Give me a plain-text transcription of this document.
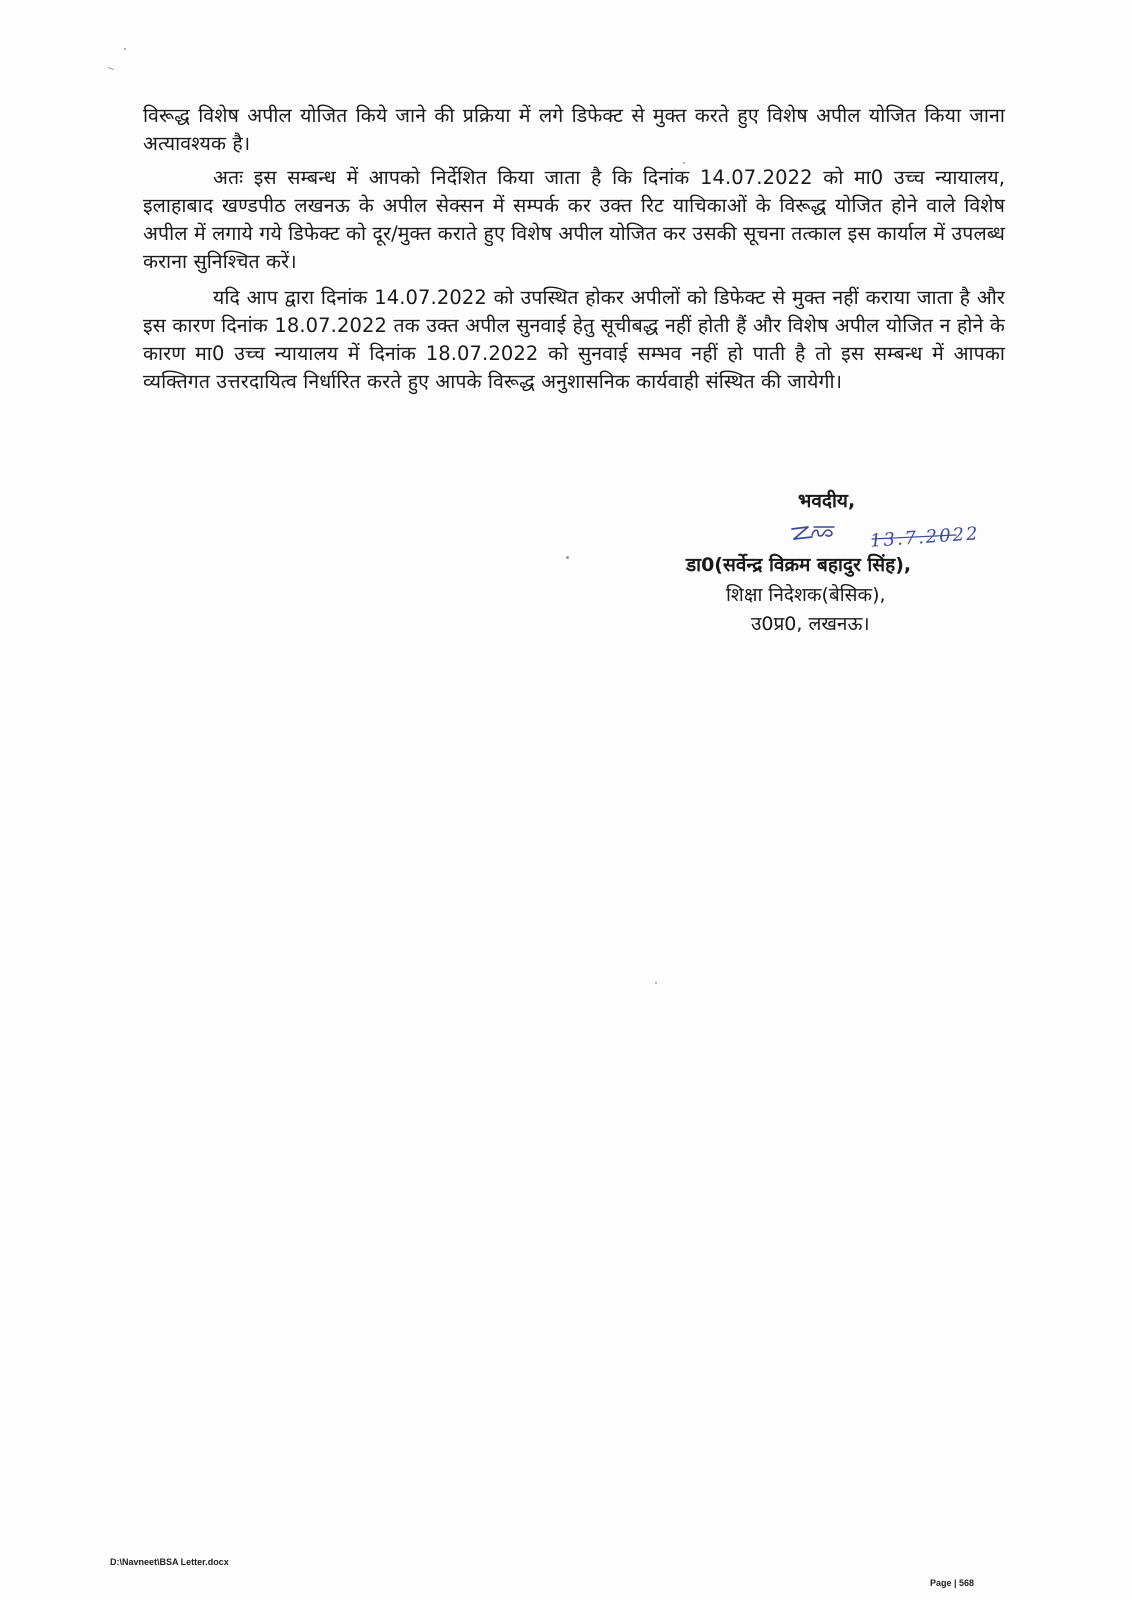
विरूद्ध विशेष अपील योजित किये जाने की प्रक्रिया में लगे डिफेक्ट से मुक्त करते हुए विशेष अपील योजित किया जाना अत्यावश्यक है।

अतः इस सम्बन्ध में आपको निर्देशित किया जाता है कि दिनांक 14.07.2022 को मा0 उच्च न्यायालय, इलाहाबाद खण्डपीठ लखनऊ के अपील सेक्सन में सम्पर्क कर उक्त रिट याचिकाओं के विरूद्ध योजित होने वाले विशेष अपील में लगाये गये डिफेक्ट को दूर/मुक्त कराते हुए विशेष अपील योजित कर उसकी सूचना तत्काल इस कार्याल में उपलब्ध कराना सुनिश्चित करें।

यदि आप द्वारा दिनांक 14.07.2022 को उपस्थित होकर अपीलों को डिफेक्ट से मुक्त नहीं कराया जाता है और इस कारण दिनांक 18.07.2022 तक उक्त अपील सुनवाई हेतु सूचीबद्ध नहीं होती हैं और विशेष अपील योजित न होने के कारण मा0 उच्च न्यायालय में दिनांक 18.07.2022 को सुनवाई सम्भव नहीं हो पाती है तो इस सम्बन्ध में आपका व्यक्तिगत उत्तरदायित्व निर्धारित करते हुए आपके विरूद्ध अनुशासनिक कार्यवाही संस्थित की जायेगी।

भवदीय,
13.7.2022
डा0(सर्वेन्द्र विक्रम बहादुर सिंह),
शिक्षा निदेशक(बेसिक),
उ0प्र0, लखनऊ।
D:\Navneet\BSA Letter.docx
Page | 568
